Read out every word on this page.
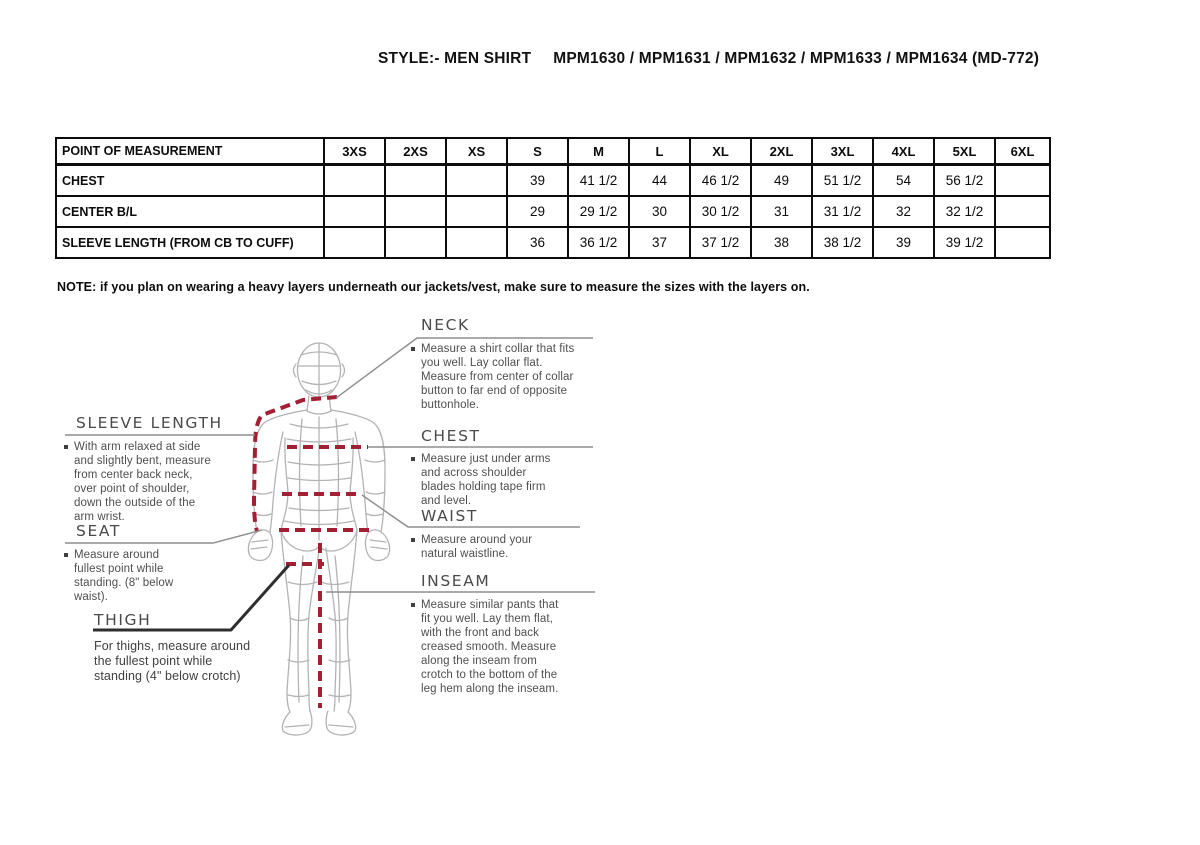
STYLE:- MEN SHIRT MPM1630 / MPM1631 / MPM1632 / MPM1633 / MPM1634 (MD-772)
POINT OF MEASUREMENT	3XS	2XS	XS	S	M	L	XL	2XL	3XL	4XL	5XL	6XL
CHEST				39	41 1/2	44	46 1/2	49	51 1/2	54	56 1/2	
CENTER B/L				29	29 1/2	30	30 1/2	31	31 1/2	32	32 1/2	
SLEEVE LENGTH (FROM CB TO CUFF)				36	36 1/2	37	37 1/2	38	38 1/2	39	39 1/2	
NOTE: if you plan on wearing a heavy layers underneath our jackets/vest, make sure to measure the sizes with the layers on.
NECK
Measure a shirt collar that fits you well. Lay collar flat. Measure from center of collar button to far end of opposite buttonhole.
CHEST
Measure just under arms and across shoulder blades holding tape firm and level.
WAIST
Measure around your natural waistline.
INSEAM
Measure similar pants that fit you well. Lay them flat, with the front and back creased smooth. Measure along the inseam from crotch to the bottom of the leg hem along the inseam.
SLEEVE LENGTH
With arm relaxed at side and slightly bent, measure from center back neck, over point of shoulder, down the outside of the arm wrist.
SEAT
Measure around fullest point while standing. (8" below waist).
THIGH
For thighs, measure around the fullest point while standing (4" below crotch)
